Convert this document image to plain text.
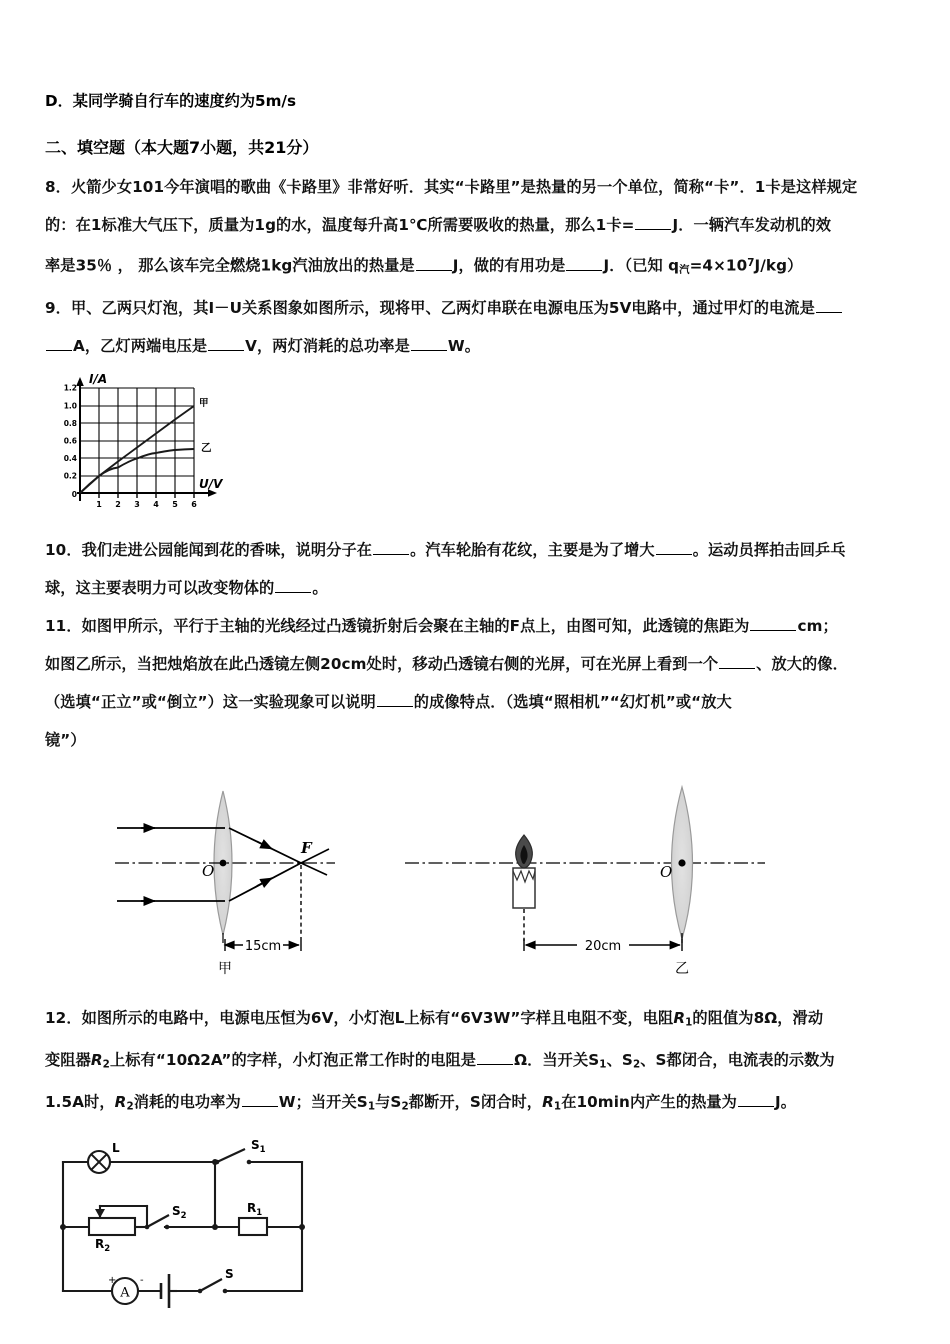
D．某同学骑自行车的速度约为5m/s
二、填空题（本大题7小题，共21分）

8．火箭少女101今年演唱的歌曲《卡路里》非常好听．其实“卡路里”是热量的另一个单位，简称“卡”．1卡是这样规定

的：在1标准大气压下，质量为1g的水，温度每升高1℃所需要吸收的热量，那么1卡=	J．一辆汽车发动机的效

率是35％ ， 那么该车完全燃烧1kg汽油放出的热量是	J，做的有用功是	J．（已知 $q_汽=4\times 10^7J/kg$）

9．甲、乙两只灯泡，其I－U关系图象如图所示，现将甲、乙两灯串联在电源电压为5V电路中，通过甲灯的电流是

A，乙灯两端电压是	V，两灯消耗的总功率是	W。

1.2
1.0
0.8
0.6
0.4
0.2
0
1 2 3 4 5 6
I/A
U/V
甲
乙

10．我们走进公园能闻到花的香味，说明分子在	。汽车轮胎有花纹，主要是为了增大	。运动员挥拍击回乒乓

球，这主要表明力可以改变物体的	。

11．如图甲所示，平行于主轴的光线经过凸透镜折射后会聚在主轴的F点上，由图可知，此透镜的焦距为	cm；

如图乙所示，当把烛焰放在此凸透镜左侧20cm处时，移动凸透镜右侧的光屏，可在光屏上看到一个	、放大的像．

（选填“正立”或“倒立”）这一实验现象可以说明	的成像特点．（选填“照相机”“幻灯机”或“放大

镜”）

O
F
15cm
甲
O
20cm
乙

12．如图所示的电路中，电源电压恒为6V，小灯泡L上标有“6V3W”字样且电阻不变，电阻$R_1$的阻值为8Ω，滑动

变阻器$R_2$上标有“10Ω2A”的字样，小灯泡正常工作时的电阻是	Ω．当开关$S_1$、$S_2$、S都闭合，电流表的示数为

1.5A时，$R_2$消耗的电功率为	W；当开关$S_1$与$S_2$都断开，S闭合时，$R_1$在10min内产生的热量为	J。

L	$S_1$
$S_2$
S
$R_1$
$R_2$
A
+ -
